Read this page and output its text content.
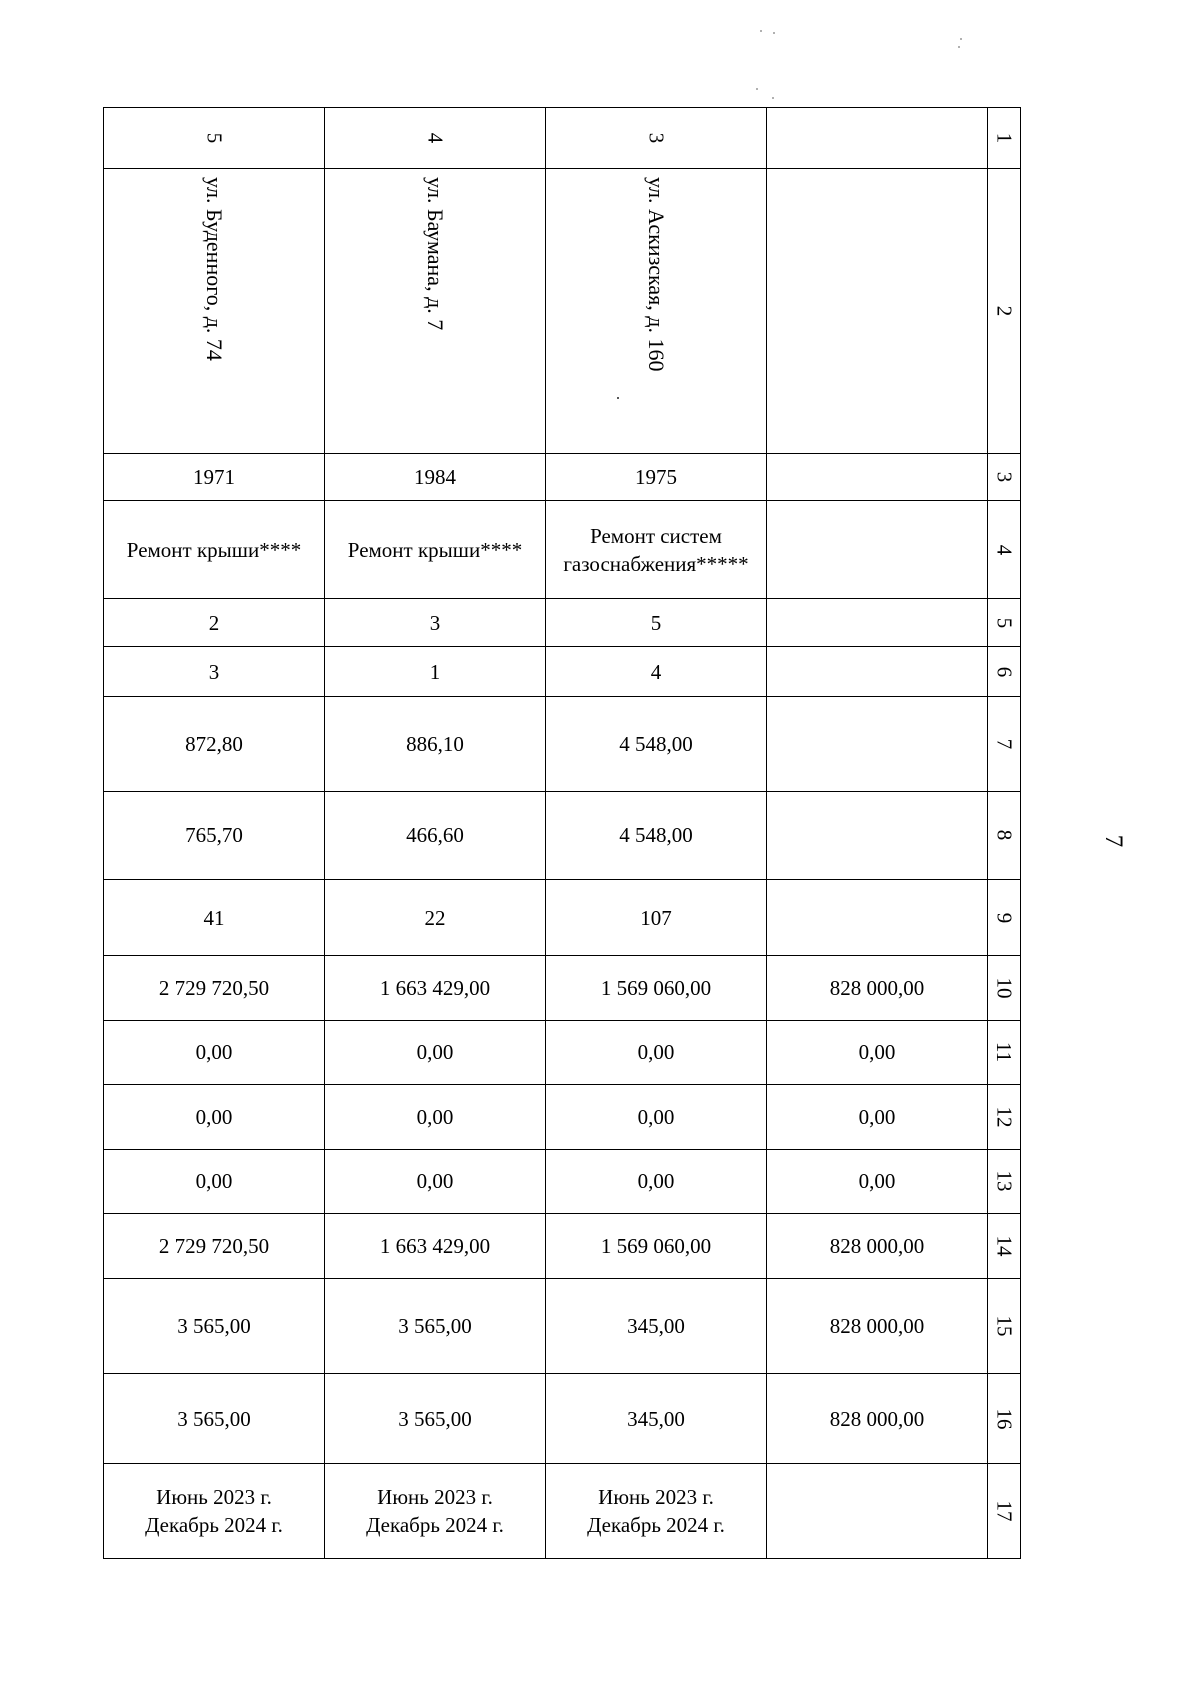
7
5	4	3		1
ул. Буденного, д. 74	ул. Баумана, д. 7	ул. Аскизская, д. 160		2
1971	1984	1975		3
Ремонт крыши****	Ремонт крыши****	Ремонт систем
газоснабжения*****		4
2	3	5		5
3	1	4		6
872,80	886,10	4 548,00		7
765,70	466,60	4 548,00		8
41	22	107		9
2 729 720,50	1 663 429,00	1 569 060,00	828 000,00	10
0,00	0,00	0,00	0,00	11
0,00	0,00	0,00	0,00	12
0,00	0,00	0,00	0,00	13
2 729 720,50	1 663 429,00	1 569 060,00	828 000,00	14
3 565,00	3 565,00	345,00	828 000,00	15
3 565,00	3 565,00	345,00	828 000,00	16

Июнь 2023 г.
Декабрь 2024 г.	Июнь 2023 г.
Декабрь 2024 г.	Июнь 2023 г.
Декабрь 2024 г.		17
